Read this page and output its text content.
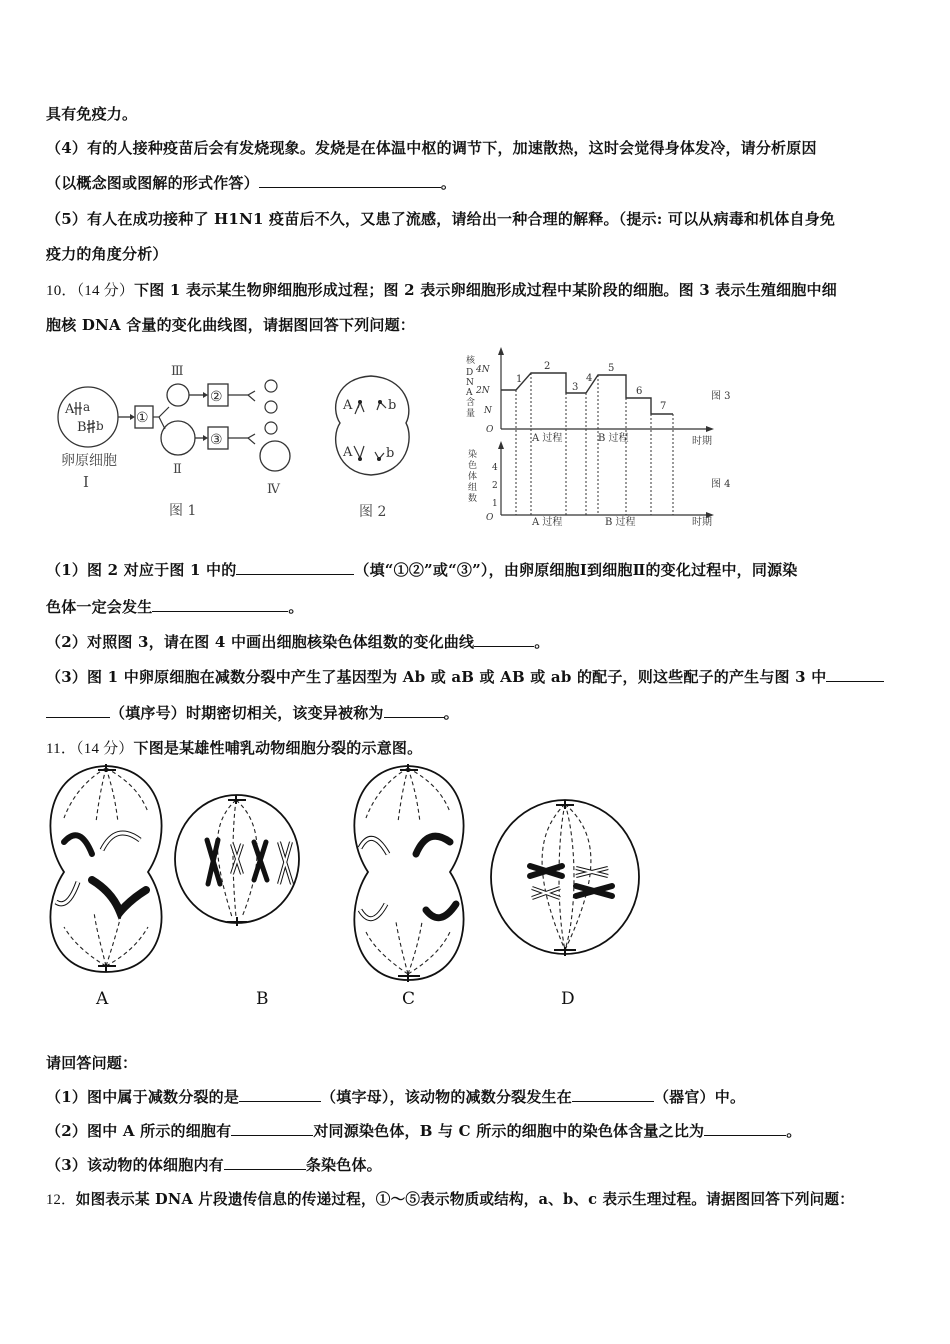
具有免疫力。
（4）有的人接种疫苗后会有发烧现象。发烧是在体温中枢的调节下，加速散热，这时会觉得身体发冷，请分析原因
（以概念图或图解的形式作答）	。
（5）有人在成功接种了 H1N1 疫苗后不久，又患了流感，请给出一种合理的解释。（提示: 可以从病毒和机体自身免
疫力的角度分析）
10．（14 分）下图 1 表示某生物卵细胞形成过程；图 2 表示卵细胞形成过程中某阶段的细胞。图 3 表示生殖细胞中细
胞核 DNA 含量的变化曲线图，请据图回答下列问题：
A a
B b
卵原细胞
Ⅰ
①
Ⅲ
②
Ⅱ
③
Ⅳ
图 1
A	b
A	b
图 2
核 D N A 含量
4N
2N
N
O
1
2
3
4
5
6
7
图 3
A 过程	B 过程	时期
染色体组数
4
2
1
O
图 4
A 过程	B 过程	时期
（1）图 2 对应于图 1 中的	（填“①②”或“③”），由卵原细胞Ⅰ到细胞Ⅱ的变化过程中，同源染
色体一定会发生	。
（2）对照图 3，请在图 4 中画出细胞核染色体组数的变化曲线	。
（3）图 1 中卵原细胞在减数分裂中产生了基因型为 Ab 或 aB 或 AB 或 ab 的配子，则这些配子的产生与图 3 中
（填序号）时期密切相关，该变异被称为	。
11．（14 分）下图是某雄性哺乳动物细胞分裂的示意图。
A	B	C	D
请回答问题：
（1）图中属于减数分裂的是	（填字母），该动物的减数分裂发生在	（器官）中。
（2）图中 A 所示的细胞有	对同源染色体，B 与 C 所示的细胞中的染色体含量之比为	。
（3）该动物的体细胞内有	条染色体。
12．如图表示某 DNA 片段遗传信息的传递过程，①～⑤表示物质或结构，a、b、c 表示生理过程。请据图回答下列问题：
